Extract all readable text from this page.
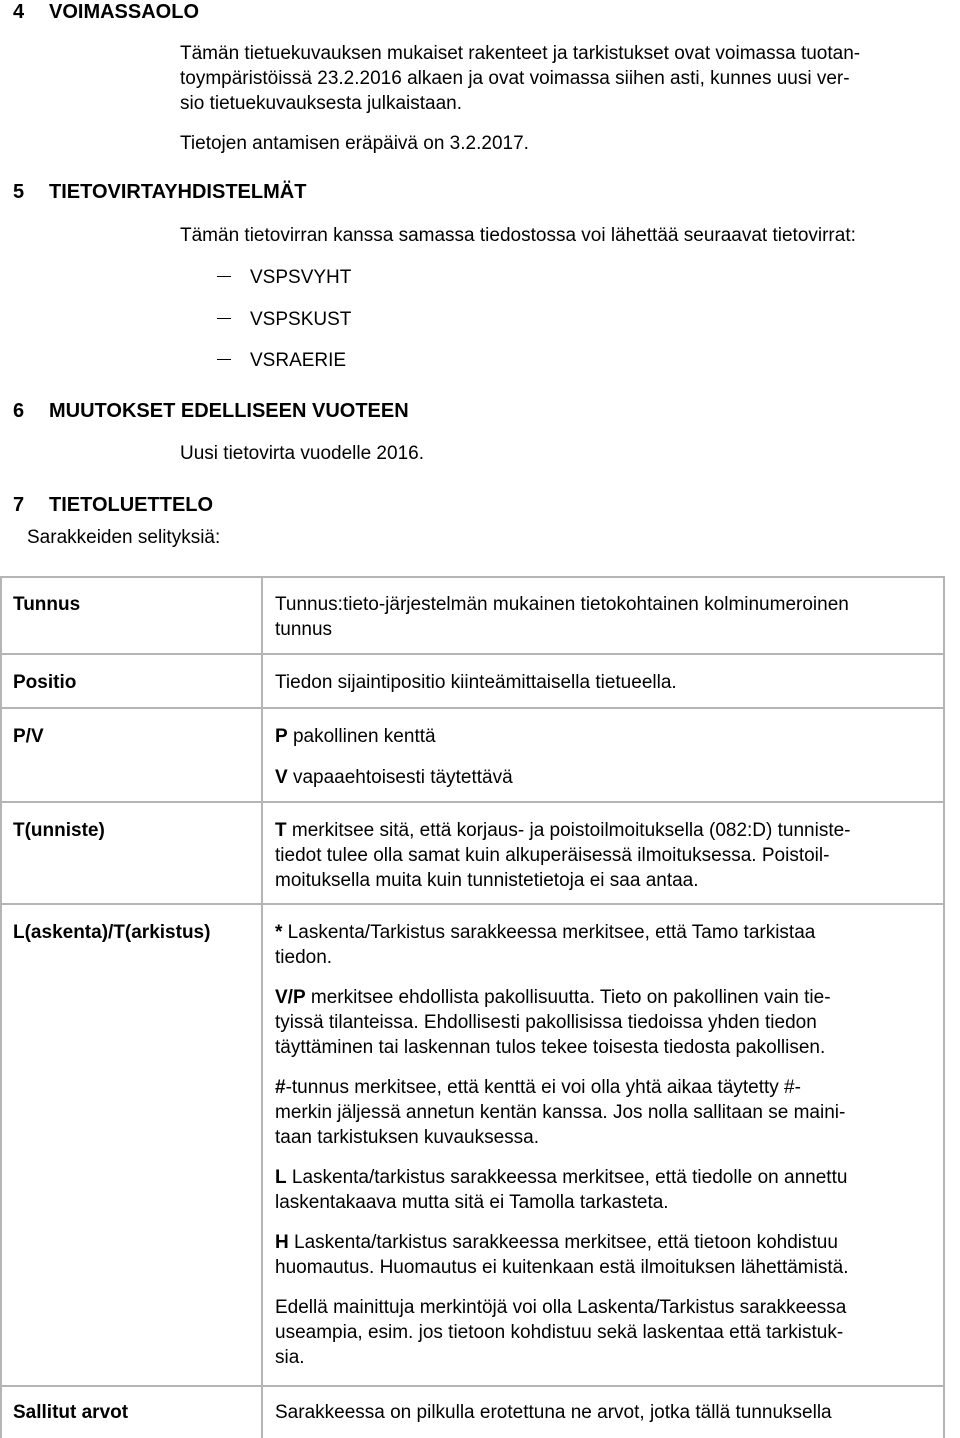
4 VOIMASSAOLO
Tämän tietuekuvauksen mukaiset rakenteet ja tarkistukset ovat voimassa tuotan-
toympäristöissä 23.2.2016 alkaen ja ovat voimassa siihen asti, kunnes uusi ver-
sio tietuekuvauksesta julkaistaan.
Tietojen antamisen eräpäivä on 3.2.2017.
5 TIETOVIRTAYHDISTELMÄT
Tämän tietovirran kanssa samassa tiedostossa voi lähettää seuraavat tietovirrat:
VSPSVYHT
VSPSKUST
VSRAERIE
6 MUUTOKSET EDELLISEEN VUOTEEN
Uusi tietovirta vuodelle 2016.
7 TIETOLUETTELO
Sarakkeiden selityksiä:
Tunnus	Tunnus:tieto-järjestelmän mukainen tietokohtainen kolminumeroinen
tunnus
Positio	Tiedon sijaintipositio kiinteämittaisella tietueella.
P/V	P pakollinen kenttä
V vapaaehtoisesti täytettävä
T(unniste)	T merkitsee sitä, että korjaus- ja poistoilmoituksella (082:D) tunniste-
tiedot tulee olla samat kuin alkuperäisessä ilmoituksessa. Poistoil-
moituksella muita kuin tunnistetietoja ei saa antaa.
L(askenta)/T(arkistus)	* Laskenta/Tarkistus sarakkeessa merkitsee, että Tamo tarkistaa
tiedon.
V/P merkitsee ehdollista pakollisuutta. Tieto on pakollinen vain tie-
tyissä tilanteissa. Ehdollisesti pakollisissa tiedoissa yhden tiedon
täyttäminen tai laskennan tulos tekee toisesta tiedosta pakollisen.
#-tunnus merkitsee, että kenttä ei voi olla yhtä aikaa täytetty #-
merkin jäljessä annetun kentän kanssa. Jos nolla sallitaan se maini-
taan tarkistuksen kuvauksessa.
L Laskenta/tarkistus sarakkeessa merkitsee, että tiedolle on annettu
laskentakaava mutta sitä ei Tamolla tarkasteta.
H Laskenta/tarkistus sarakkeessa merkitsee, että tietoon kohdistuu
huomautus. Huomautus ei kuitenkaan estä ilmoituksen lähettämistä.
Edellä mainittuja merkintöjä voi olla Laskenta/Tarkistus sarakkeessa
useampia, esim. jos tietoon kohdistuu sekä laskentaa että tarkistuk-
sia.
Sallitut arvot	Sarakkeessa on pilkulla erotettuna ne arvot, jotka tällä tunnuksella
